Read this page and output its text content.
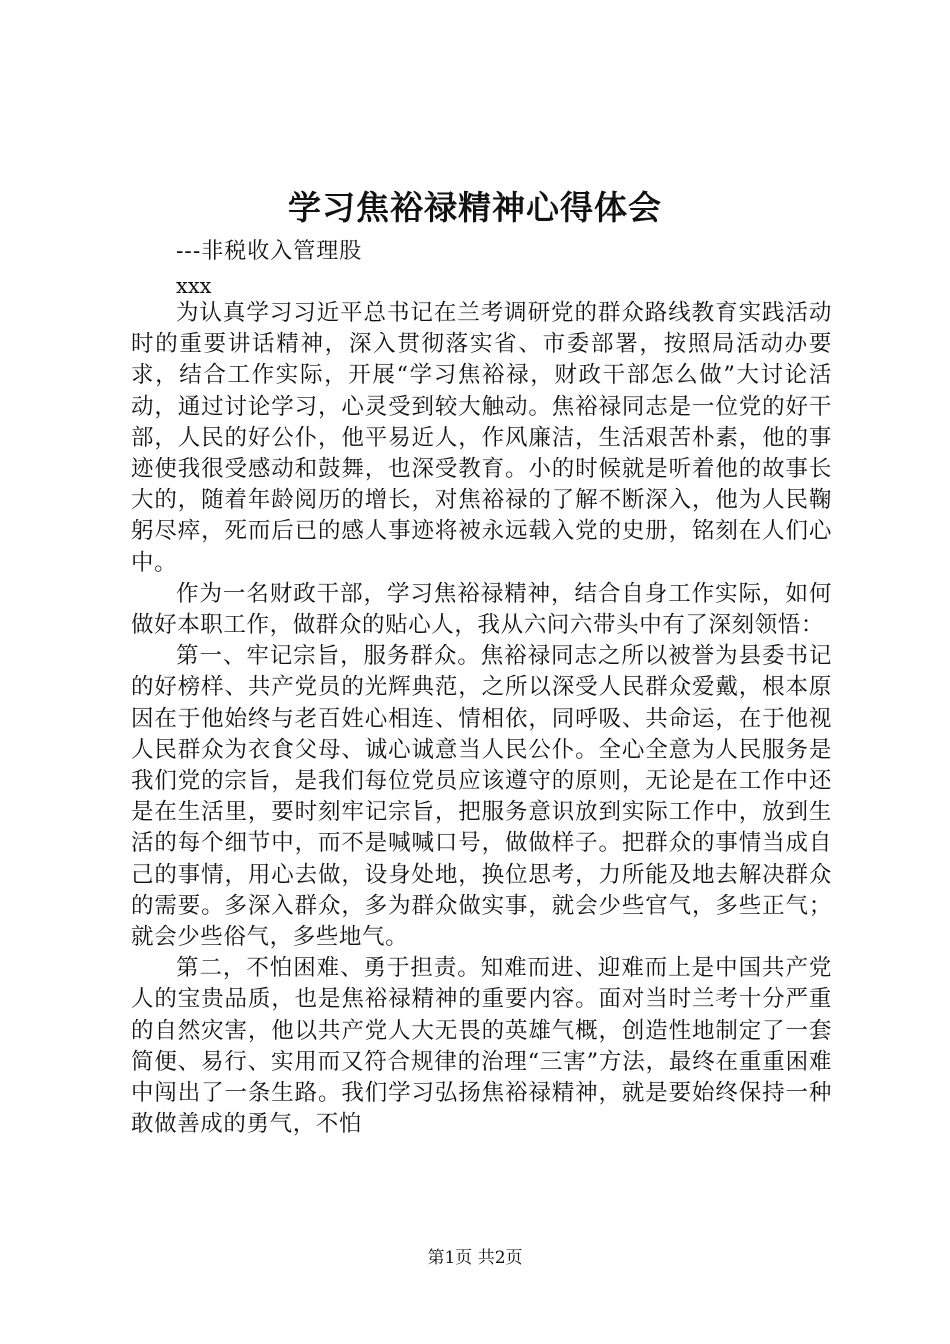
学习焦裕禄精神心得体会
---非税收入管理股
xxx

为认真学习习近平总书记在兰考调研党的群众路线教育实践活动时的重要讲话精神，深入贯彻落实省、市委部署，按照局活动办要求，结合工作实际，开展“学习焦裕禄，财政干部怎么做”大讨论活动，通过讨论学习，心灵受到较大触动。焦裕禄同志是一位党的好干部，人民的好公仆，他平易近人，作风廉洁，生活艰苦朴素，他的事迹使我很受感动和鼓舞，也深受教育。小的时候就是听着他的故事长大的，随着年龄阅历的增长，对焦裕禄的了解不断深入，他为人民鞠躬尽瘁，死而后已的感人事迹将被永远载入党的史册，铭刻在人们心中。

作为一名财政干部，学习焦裕禄精神，结合自身工作实际，如何做好本职工作，做群众的贴心人，我从六问六带头中有了深刻领悟：

第一、牢记宗旨，服务群众。焦裕禄同志之所以被誉为县委书记的好榜样、共产党员的光辉典范，之所以深受人民群众爱戴，根本原因在于他始终与老百姓心相连、情相依，同呼吸、共命运，在于他视人民群众为衣食父母、诚心诚意当人民公仆。全心全意为人民服务是我们党的宗旨，是我们每位党员应该遵守的原则，无论是在工作中还是在生活里，要时刻牢记宗旨，把服务意识放到实际工作中，放到生活的每个细节中，而不是喊喊口号，做做样子。把群众的事情当成自己的事情，用心去做，设身处地，换位思考，力所能及地去解决群众的需要。多深入群众，多为群众做实事，就会少些官气，多些正气；就会少些俗气，多些地气。

第二，不怕困难、勇于担责。知难而进、迎难而上是中国共产党人的宝贵品质，也是焦裕禄精神的重要内容。面对当时兰考十分严重的自然灾害，他以共产党人大无畏的英雄气概，创造性地制定了一套简便、易行、实用而又符合规律的治理“三害”方法，最终在重重困难中闯出了一条生路。我们学习弘扬焦裕禄精神，就是要始终保持一种敢做善成的勇气，不怕

第1页 共2页
